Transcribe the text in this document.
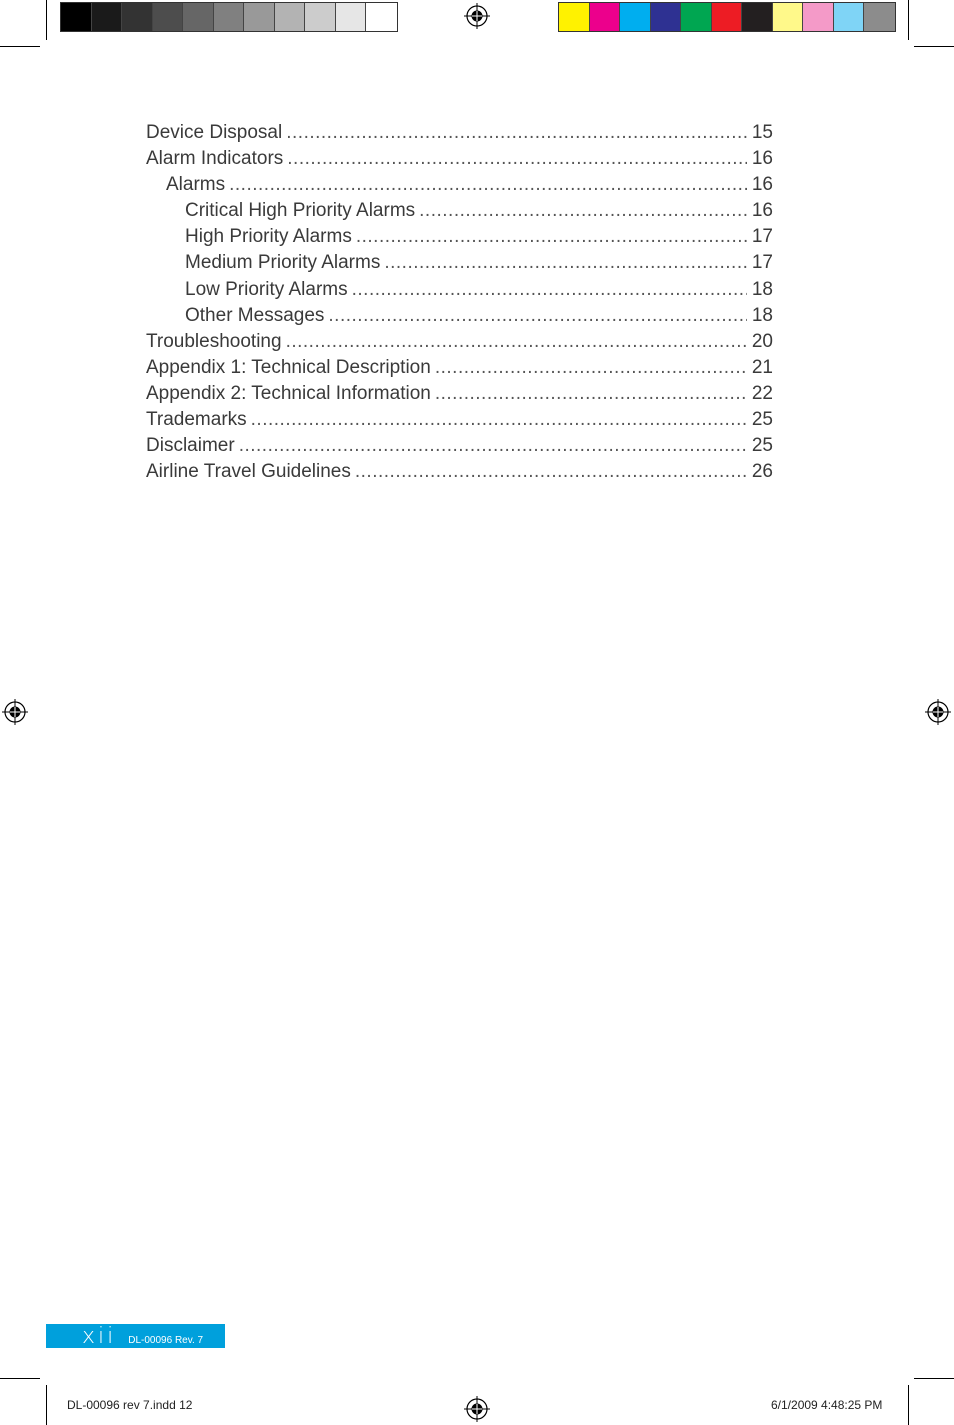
Device Disposal .....	15
Alarm Indicators .....	16
Alarms .....	16
Critical High Priority Alarms .....	16
High Priority Alarms .....	17
Medium Priority Alarms .....	17
Low Priority Alarms .....	18
Other Messages .....	18
Troubleshooting .....	20
Appendix 1: Technical Description .....	21
Appendix 2: Technical Information .....	22
Trademarks .....	25
Disclaimer .....	25
Airline Travel Guidelines .....	26
xii DL-00096 Rev. 7
DL-00096 rev 7.indd 12	6/1/2009 4:48:25 PM
